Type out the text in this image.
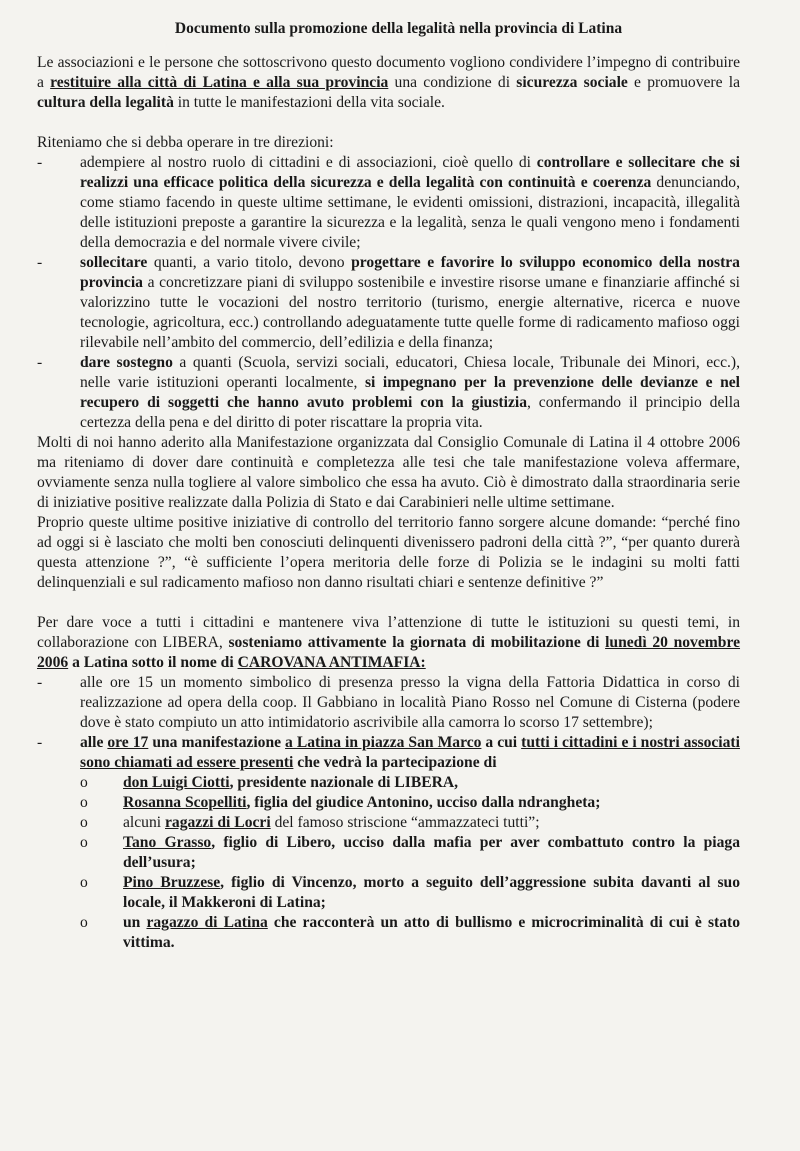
Documento sulla promozione della legalità nella provincia di Latina

Le associazioni e le persone che sottoscrivono questo documento vogliono condividere l’impegno di contribuire a restituire alla città di Latina e alla sua provincia una condizione di sicurezza sociale e promuovere la cultura della legalità in tutte le manifestazioni della vita sociale.

Riteniamo che si debba operare in tre direzioni:

- adempiere al nostro ruolo di cittadini e di associazioni, cioè quello di controllare e sollecitare che si realizzi una efficace politica della sicurezza e della legalità con continuità e coerenza denunciando, come stiamo facendo in queste ultime settimane, le evidenti omissioni, distrazioni, incapacità, illegalità delle istituzioni preposte a garantire la sicurezza e la legalità, senza le quali vengono meno i fondamenti della democrazia e del normale vivere civile;
- sollecitare quanti, a vario titolo, devono progettare e favorire lo sviluppo economico della nostra provincia a concretizzare piani di sviluppo sostenibile e investire risorse umane e finanziarie affinché si valorizzino tutte le vocazioni del nostro territorio (turismo, energie alternative, ricerca e nuove tecnologie, agricoltura, ecc.) controllando adeguatamente tutte quelle forme di radicamento mafioso oggi rilevabile nell’ambito del commercio, dell’edilizia e della finanza;
- dare sostegno a quanti (Scuola, servizi sociali, educatori, Chiesa locale, Tribunale dei Minori, ecc.), nelle varie istituzioni operanti localmente, si impegnano per la prevenzione delle devianze e nel recupero di soggetti che hanno avuto problemi con la giustizia, confermando il principio della certezza della pena e del diritto di poter riscattare la propria vita.

Molti di noi hanno aderito alla Manifestazione organizzata dal Consiglio Comunale di Latina il 4 ottobre 2006 ma riteniamo di dover dare continuità e completezza alle tesi che tale manifestazione voleva affermare, ovviamente senza nulla togliere al valore simbolico che essa ha avuto. Ciò è dimostrato dalla straordinaria serie di iniziative positive realizzate dalla Polizia di Stato e dai Carabinieri nelle ultime settimane.

Proprio queste ultime positive iniziative di controllo del territorio fanno sorgere alcune domande: “perché fino ad oggi si è lasciato che molti ben conosciuti delinquenti divenissero padroni della città ?”, “per quanto durerà questa attenzione ?”, “è sufficiente l’opera meritoria delle forze di Polizia se le indagini su molti fatti delinquenziali e sul radicamento mafioso non danno risultati chiari e sentenze definitive ?”

Per dare voce a tutti i cittadini e mantenere viva l’attenzione di tutte le istituzioni su questi temi, in collaborazione con LIBERA, sosteniamo attivamente la giornata di mobilitazione di lunedì 20 novembre 2006 a Latina sotto il nome di CAROVANA ANTIMAFIA:

- alle ore 15 un momento simbolico di presenza presso la vigna della Fattoria Didattica in corso di realizzazione ad opera della coop. Il Gabbiano in località Piano Rosso nel Comune di Cisterna (podere dove è stato compiuto un atto intimidatorio ascrivibile alla camorra lo scorso 17 settembre);
- alle ore 17 una manifestazione a Latina in piazza San Marco a cui tutti i cittadini e i nostri associati sono chiamati ad essere presenti che vedrà la partecipazione di
o don Luigi Ciotti, presidente nazionale di LIBERA,
o Rosanna Scopelliti, figlia del giudice Antonino, ucciso dalla ndrangheta;
o alcuni ragazzi di Locri del famoso striscione “ammazzateci tutti”;
o Tano Grasso, figlio di Libero, ucciso dalla mafia per aver combattuto contro la piaga dell’usura;
o Pino Bruzzese, figlio di Vincenzo, morto a seguito dell’aggressione subita davanti al suo locale, il Makkeroni di Latina;
o un ragazzo di Latina che racconterà un atto di bullismo e microcriminalità di cui è stato vittima.
